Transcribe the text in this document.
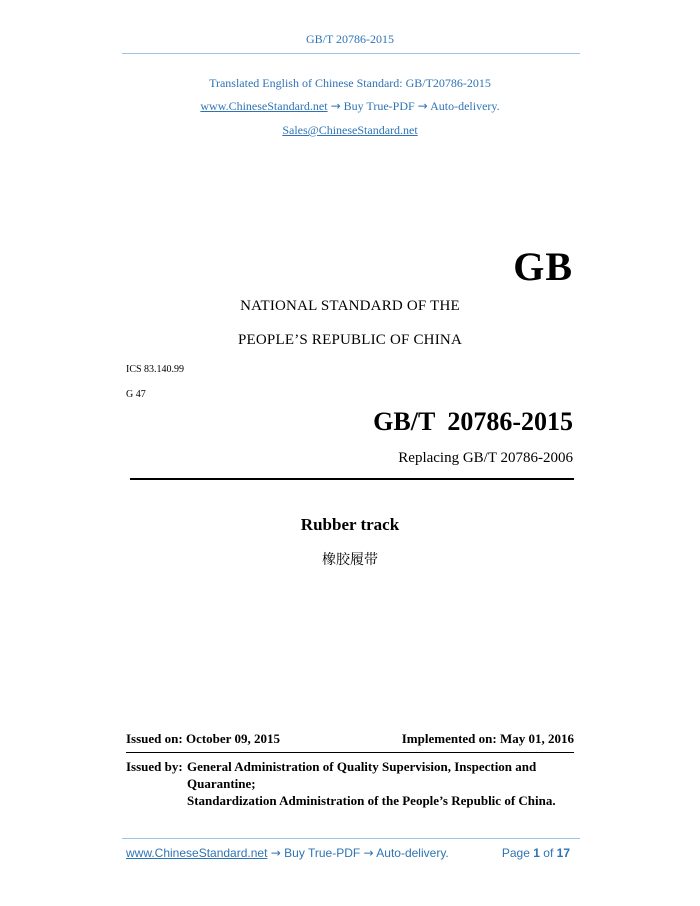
GB/T 20786-2015
Translated English of Chinese Standard: GB/T20786-2015
www.ChineseStandard.net → Buy True-PDF → Auto-delivery.
Sales@ChineseStandard.net
GB
NATIONAL STANDARD OF THE
PEOPLE’S REPUBLIC OF CHINA
ICS 83.140.99
G 47
GB/T 20786-2015
Replacing GB/T 20786-2006
Rubber track
橡胶履带
Issued on: October 09, 2015	Implemented on: May 01, 2016
Issued by: General Administration of Quality Supervision, Inspection and
Quarantine;
Standardization Administration of the People’s Republic of China.
www.ChineseStandard.net → Buy True-PDF → Auto-delivery.	Page 1 of 17
